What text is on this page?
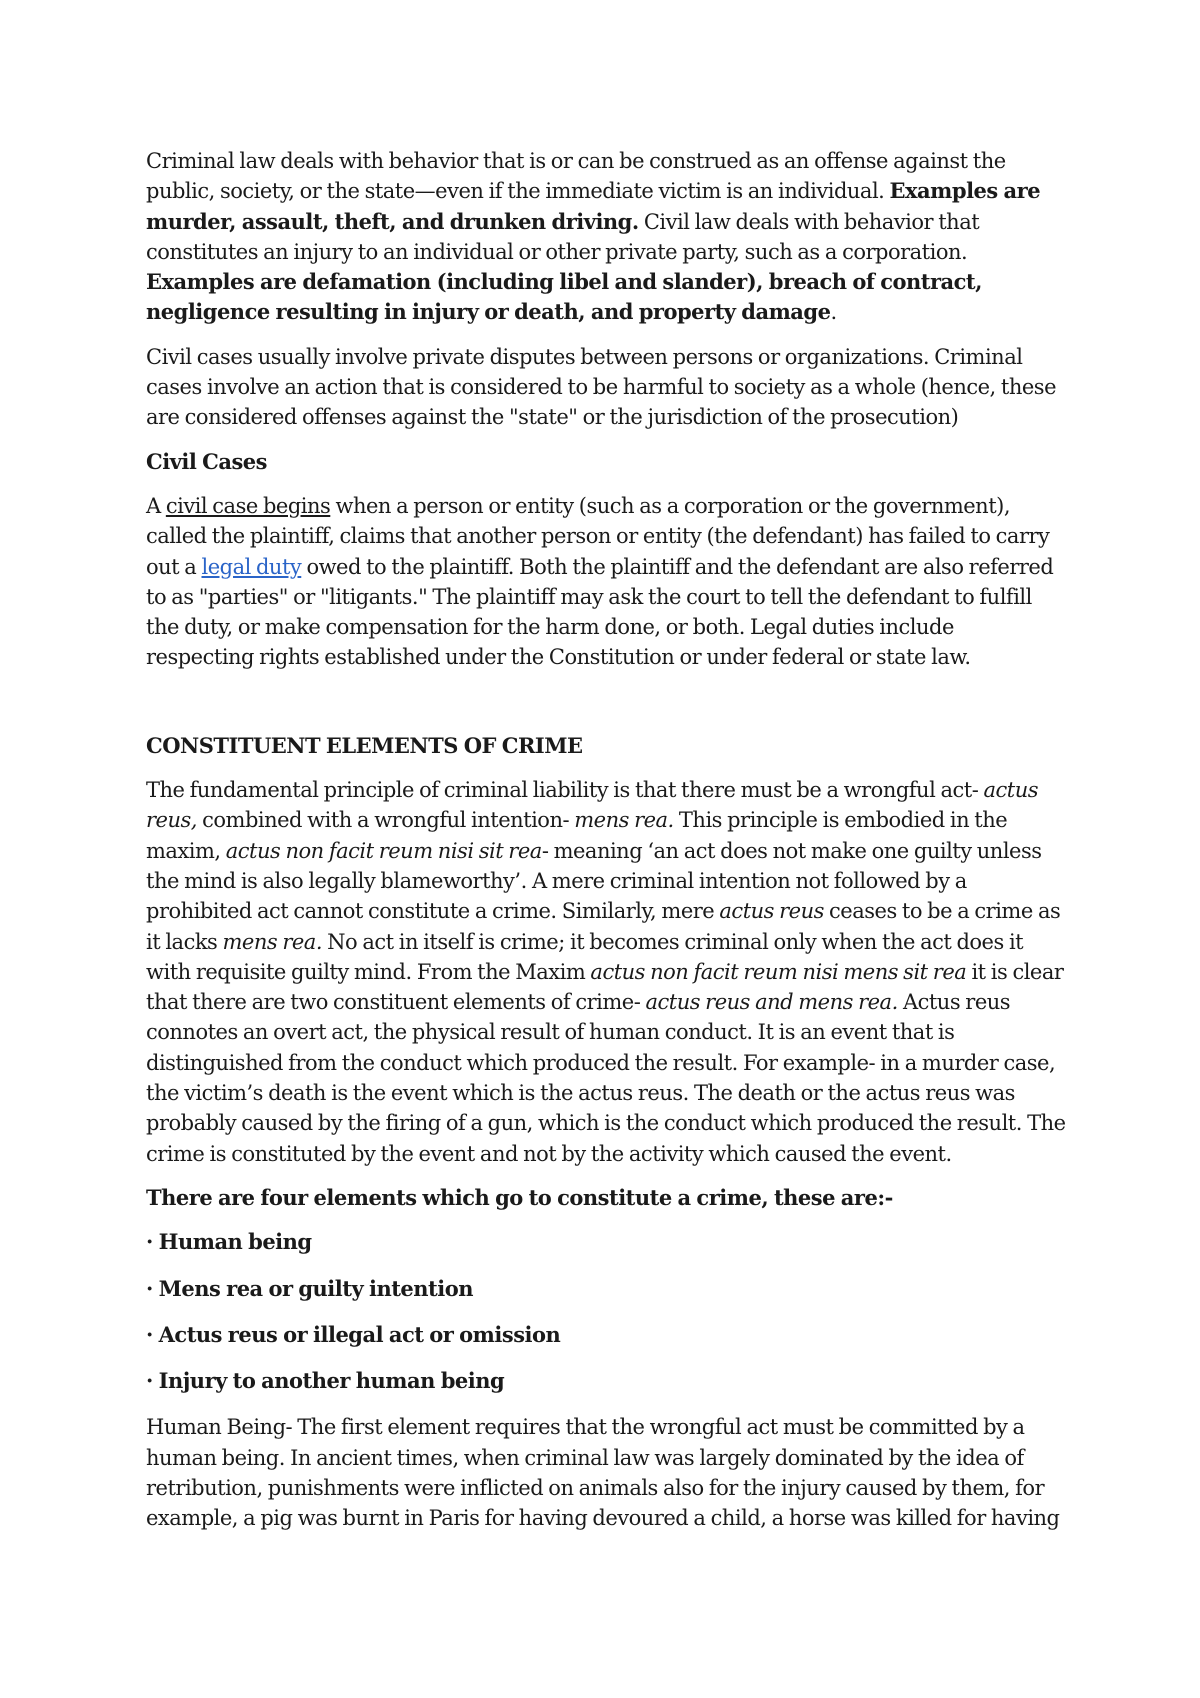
Criminal law deals with behavior that is or can be construed as an offense against the public, society, or the state—even if the immediate victim is an individual. Examples are murder, assault, theft, and drunken driving. Civil law deals with behavior that constitutes an injury to an individual or other private party, such as a corporation. Examples are defamation (including libel and slander), breach of contract, negligence resulting in injury or death, and property damage.

Civil cases usually involve private disputes between persons or organizations. Criminal cases involve an action that is considered to be harmful to society as a whole (hence, these are considered offenses against the "state" or the jurisdiction of the prosecution)

Civil Cases

A civil case begins when a person or entity (such as a corporation or the government), called the plaintiff, claims that another person or entity (the defendant) has failed to carry out a legal duty owed to the plaintiff. Both the plaintiff and the defendant are also referred to as "parties" or "litigants." The plaintiff may ask the court to tell the defendant to fulfill the duty, or make compensation for the harm done, or both. Legal duties include respecting rights established under the Constitution or under federal or state law.

CONSTITUENT ELEMENTS OF CRIME

The fundamental principle of criminal liability is that there must be a wrongful act- actus reus, combined with a wrongful intention- mens rea. This principle is embodied in the maxim, actus non facit reum nisi sit rea- meaning ‘an act does not make one guilty unless the mind is also legally blameworthy’. A mere criminal intention not followed by a prohibited act cannot constitute a crime. Similarly, mere actus reus ceases to be a crime as it lacks mens rea. No act in itself is crime; it becomes criminal only when the act does it with requisite guilty mind. From the Maxim actus non facit reum nisi mens sit rea it is clear that there are two constituent elements of crime- actus reus and mens rea. Actus reus connotes an overt act, the physical result of human conduct. It is an event that is distinguished from the conduct which produced the result. For example- in a murder case, the victim’s death is the event which is the actus reus. The death or the actus reus was probably caused by the firing of a gun, which is the conduct which produced the result. The crime is constituted by the event and not by the activity which caused the event.

There are four elements which go to constitute a crime, these are:-

· Human being

· Mens rea or guilty intention

· Actus reus or illegal act or omission

· Injury to another human being

Human Being- The first element requires that the wrongful act must be committed by a human being. In ancient times, when criminal law was largely dominated by the idea of retribution, punishments were inflicted on animals also for the injury caused by them, for example, a pig was burnt in Paris for having devoured a child, a horse was killed for having
